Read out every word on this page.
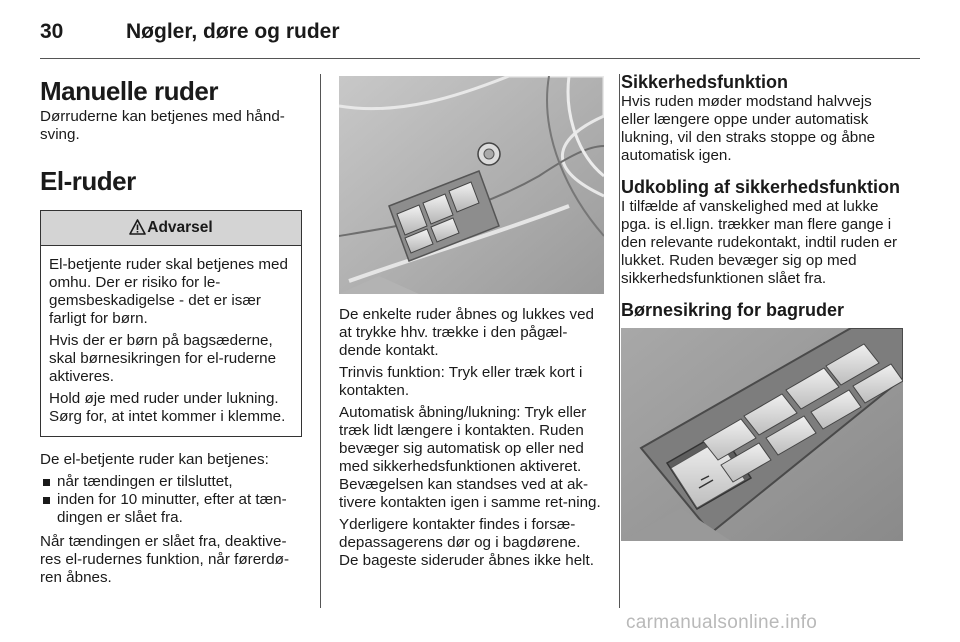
30	Nøgler, døre og ruder
Manuelle ruder

Dørruderne kan betjenes med hånd-sving.

El-ruder
Advarsel

El-betjente ruder skal betjenes med omhu. Der er risiko for le-gemsbeskadigelse - det er især farligt for børn.

Hvis der er børn på bagsæderne, skal børnesikringen for el-ruderne aktiveres.

Hold øje med ruder under lukning. Sørg for, at intet kommer i klemme.

De el-betjente ruder kan betjenes:

når tændingen er tilsluttet,
inden for 10 minutter, efter at tæn-dingen er slået fra.

Når tændingen er slået fra, deaktive-res el-rudernes funktion, når førerdø-ren åbnes.

De enkelte ruder åbnes og lukkes ved at trykke hhv. trække i den pågæl-dende kontakt.

Trinvis funktion: Tryk eller træk kort i kontakten.

Automatisk åbning/lukning: Tryk eller træk lidt længere i kontakten. Ruden bevæger sig automatisk op eller ned med sikkerhedsfunktionen aktiveret. Bevægelsen kan standses ved at ak-tivere kontakten igen i samme ret-ning.

Yderligere kontakter findes i forsæ-depassagerens dør og i bagdørene. De bageste sideruder åbnes ikke helt.

Sikkerhedsfunktion

Hvis ruden møder modstand halvvejs eller længere oppe under automatisk lukning, vil den straks stoppe og åbne automatisk igen.

Udkobling af sikkerhedsfunktion

I tilfælde af vanskelighed med at lukke pga. is el.lign. trækker man flere gange i den relevante rudekontakt, indtil ruden er lukket. Ruden bevæger sig op med sikkerhedsfunktionen slået fra.

Børnesikring for bagruder
carmanualsonline.info
